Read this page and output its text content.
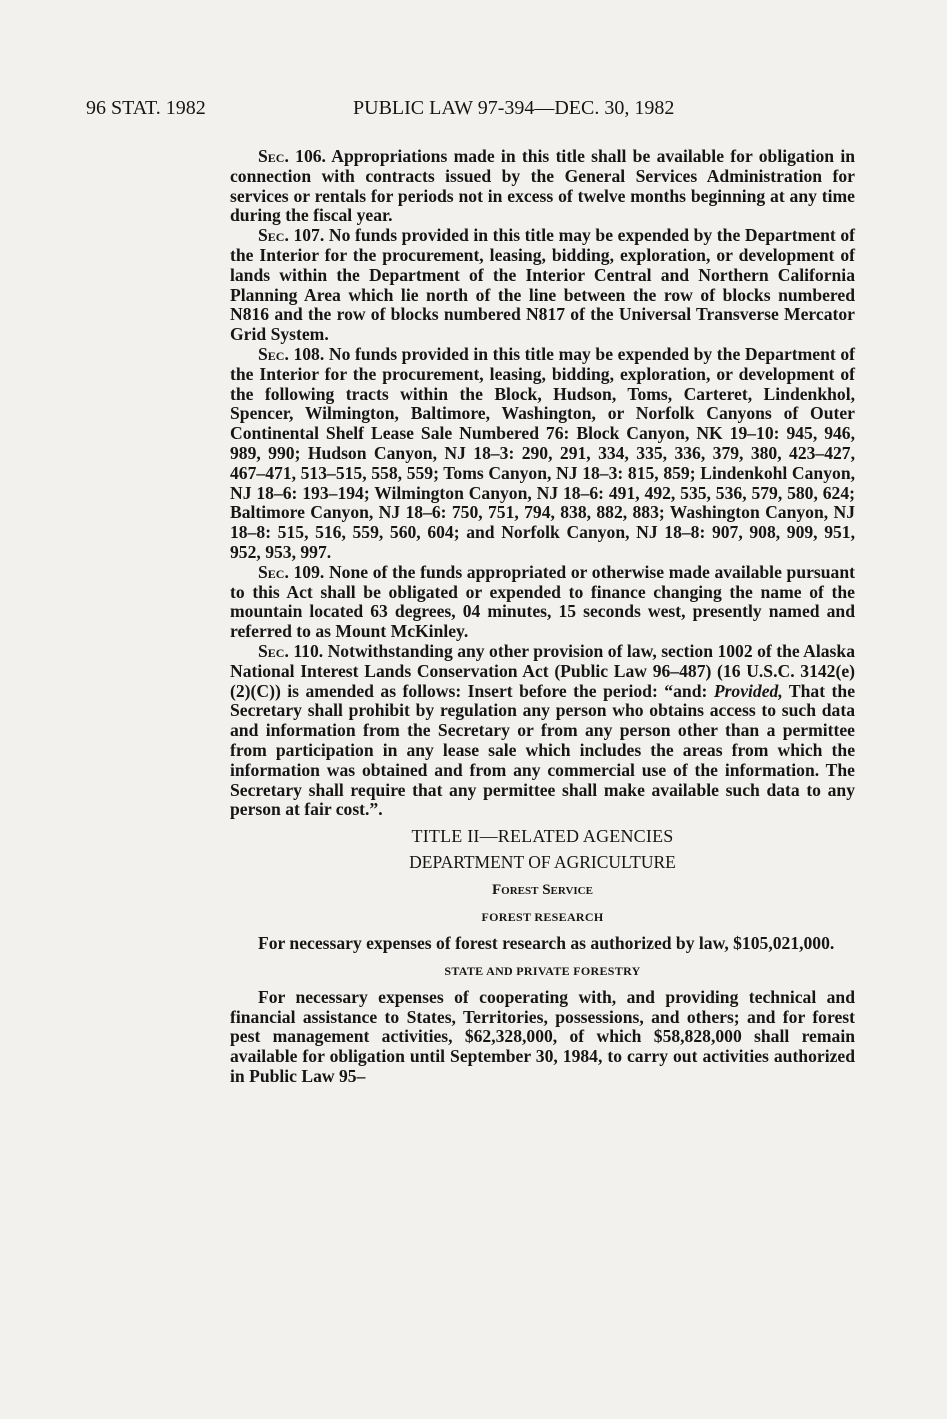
96 STAT. 1982	PUBLIC LAW 97-394—DEC. 30, 1982

Sec. 106. Appropriations made in this title shall be available for obligation in connection with contracts issued by the General Services Administration for services or rentals for periods not in excess of twelve months beginning at any time during the fiscal year.

Sec. 107. No funds provided in this title may be expended by the Department of the Interior for the procurement, leasing, bidding, exploration, or development of lands within the Department of the Interior Central and Northern California Planning Area which lie north of the line between the row of blocks numbered N816 and the row of blocks numbered N817 of the Universal Transverse Mercator Grid System.

Sec. 108. No funds provided in this title may be expended by the Department of the Interior for the procurement, leasing, bidding, exploration, or development of the following tracts within the Block, Hudson, Toms, Carteret, Lindenkhol, Spencer, Wilmington, Baltimore, Washington, or Norfolk Canyons of Outer Continental Shelf Lease Sale Numbered 76: Block Canyon, NK 19–10: 945, 946, 989, 990; Hudson Canyon, NJ 18–3: 290, 291, 334, 335, 336, 379, 380, 423–427, 467–471, 513–515, 558, 559; Toms Canyon, NJ 18–3: 815, 859; Lindenkohl Canyon, NJ 18–6: 193–194; Wilmington Canyon, NJ 18–6: 491, 492, 535, 536, 579, 580, 624; Baltimore Canyon, NJ 18–6: 750, 751, 794, 838, 882, 883; Washington Canyon, NJ 18–8: 515, 516, 559, 560, 604; and Norfolk Canyon, NJ 18–8: 907, 908, 909, 951, 952, 953, 997.

Sec. 109. None of the funds appropriated or otherwise made available pursuant to this Act shall be obligated or expended to finance changing the name of the mountain located 63 degrees, 04 minutes, 15 seconds west, presently named and referred to as Mount McKinley.

Sec. 110. Notwithstanding any other provision of law, section 1002 of the Alaska National Interest Lands Conservation Act (Public Law 96–487) (16 U.S.C. 3142(e)(2)(C)) is amended as follows: Insert before the period: “and: Provided, That the Secretary shall prohibit by regulation any person who obtains access to such data and information from the Secretary or from any person other than a permittee from participation in any lease sale which includes the areas from which the information was obtained and from any commercial use of the information. The Secretary shall require that any permittee shall make available such data to any person at fair cost.”.

TITLE II—RELATED AGENCIES
DEPARTMENT OF AGRICULTURE
Forest Service
FOREST RESEARCH

For necessary expenses of forest research as authorized by law, $105,021,000.

STATE AND PRIVATE FORESTRY

For necessary expenses of cooperating with, and providing technical and financial assistance to States, Territories, possessions, and others; and for forest pest management activities, $62,328,000, of which $58,828,000 shall remain available for obligation until September 30, 1984, to carry out activities authorized in Public Law 95–
